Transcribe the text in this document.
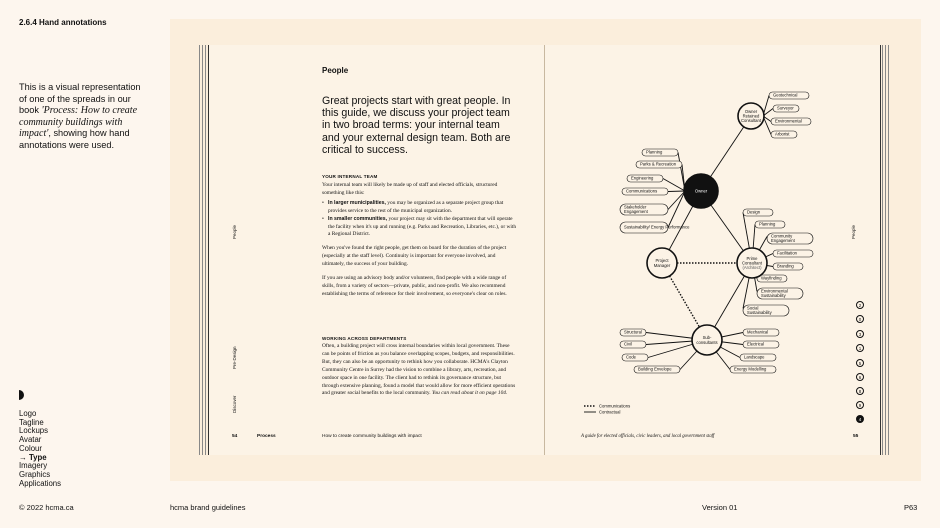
2.6.4 Hand annotations
This is a visual representation of one of the spreads in our book 'Process: How to create community buildings with impact', showing how hand annotations were used.
Logo
Tagline
Lockups
Avatar
Colour
→ Type
Imagery
Graphics
Applications
© 2022 hcma.ca	hcma brand guidelines	Version 01	P63
People
Pre-Design
Discover
People
Great projects start with great people. In this guide, we discuss your project team in two broad terms: your internal team and your external design team. Both are critical to success.
YOUR INTERNAL TEAM
Your internal team will likely be made up of staff and elected officials, structured something like this:
• In larger municipalities, you may be organized as a separate project group that provides service to the rest of the municipal organization.
• In smaller communities, your project may sit with the department that will operate the facility when it's up and running (e.g. Parks and Recreation, Libraries, etc.), or with a Regional District.
When you've found the right people, get them on board for the duration of the project (especially at the staff level). Continuity is important for everyone involved, and ultimately, the success of your building.
If you are using an advisory body and/or volunteers, find people with a wide range of skills, from a variety of sectors—private, public, and non-profit. We also recommend establishing the terms of reference for their involvement, so everyone's clear on roles.
WORKING ACROSS DEPARTMENTS
Often, a building project will cross internal boundaries within local government. These can be points of friction as you balance overlapping scopes, budgets, and responsibilities. But, they can also be an opportunity to rethink how you collaborate. HCMA's Clayton Community Centre in Surrey had the vision to combine a library, arts, recreation, and outdoor space in one facility. The client had to rethink its governance structure, but through extensive planning, found a model that would allow for more efficient operations and greater social benefits to the local community. You can read about it on page 104.
54	Process	How to create community buildings with impact
Planning
Parks & Recreation
Engineering
Communications
Stakeholder
Engagement
Sustainability/ Energy Performance
Geotechnical
Surveyor
Environmental
Arborist
Design
Planning
Community
Engagement
Facilitation
Branding
Wayfinding
Environmental
Sustainability
Social
Sustainability
Structural
Civil
Code
Building Envelope
Mechanical
Electrical
Landscape
Energy Modelling
Owner
Owner
Retained
Consultant
Project
Manager
Prime
Consultant
(Architect)
Sub-
consultants
Communications
Contractual
People
2
0
3
1
5
6
8
9
4
A guide for elected officials, civic leaders, and local government staff	55
